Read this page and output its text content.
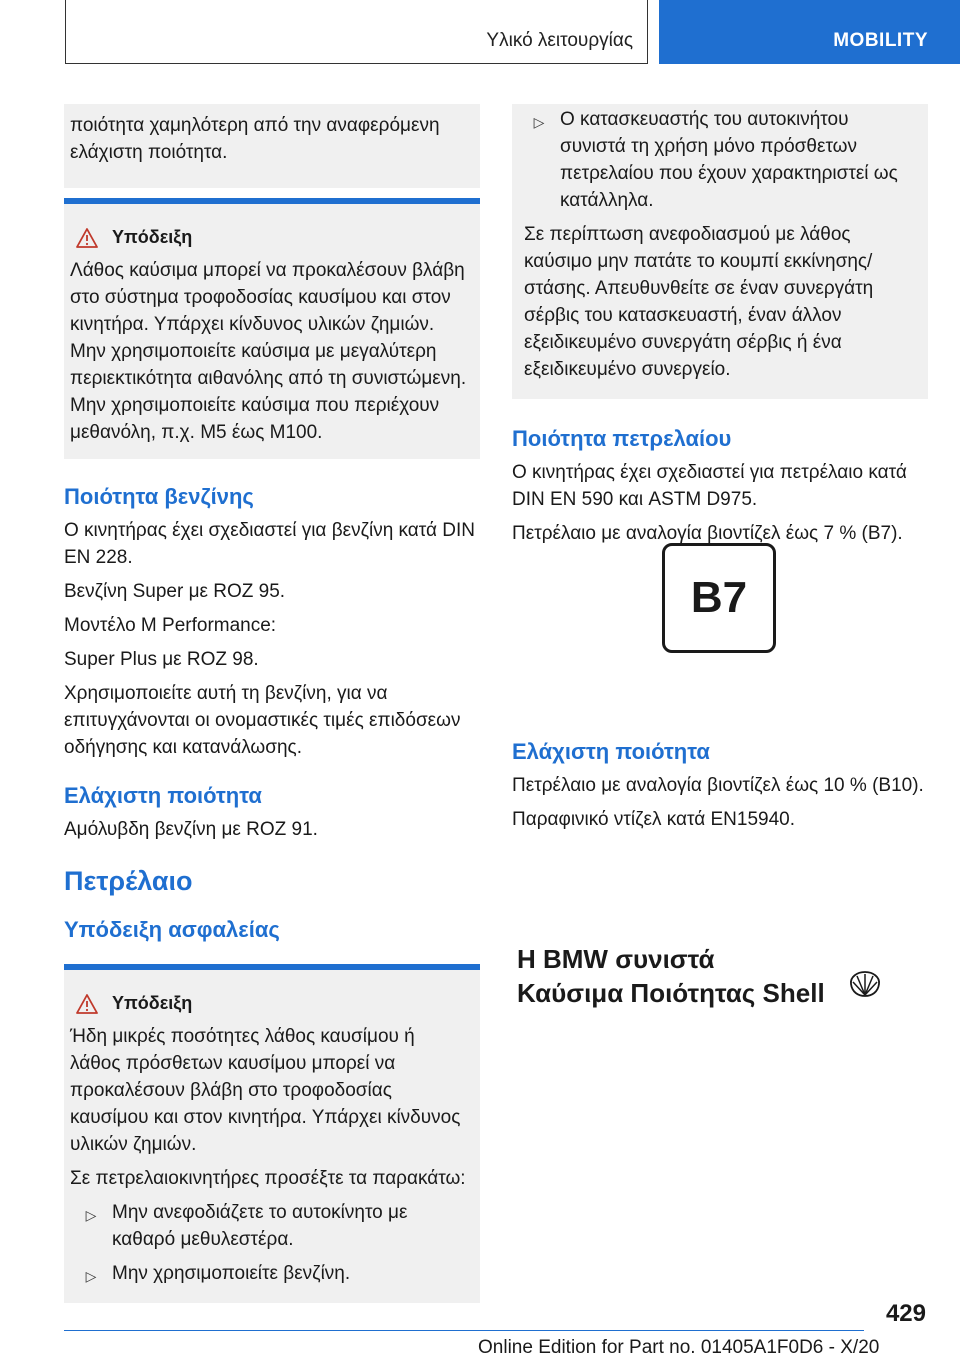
Υλικό λειτουργίας	MOBILITY

ποιότητα χαμηλότερη από την αναφερόμενη ελάχιστη ποιότητα.

Υπόδειξη

Λάθος καύσιμα μπορεί να προκαλέσουν βλάβη στο σύστημα τροφοδοσίας καυσίμου και στον κινητήρα. Υπάρχει κίνδυνος υλικών ζημιών. Μην χρησιμοποιείτε καύσιμα με μεγαλύτερη περιεκτικότητα αιθανόλης από τη συνιστώμενη. Μην χρησιμοποιείτε καύσιμα που περιέχουν μεθανόλη, π.χ. M5 έως M100.

Ποιότητα βενζίνης

Ο κινητήρας έχει σχεδιαστεί για βενζίνη κατά DIN EN 228.

Βενζίνη Super με ROZ 95.

Μοντέλο M Performance:

Super Plus με ROZ 98.

Χρησιμοποιείτε αυτή τη βενζίνη, για να επιτυγχάνονται οι ονομαστικές τιμές επιδόσεων οδήγησης και κατανάλωσης.

Ελάχιστη ποιότητα

Αμόλυβδη βενζίνη με ROZ 91.

Πετρέλαιο
Υπόδειξη ασφαλείας
Υπόδειξη

Ήδη μικρές ποσότητες λάθος καυσίμου ή λάθος πρόσθετων καυσίμου μπορεί να προκαλέσουν βλάβη στο τροφοδοσίας καυσίμου και στον κινητήρα. Υπάρχει κίνδυνος υλικών ζημιών.

Σε πετρελαιοκινητήρες προσέξτε τα παρακάτω:

▷ Μην ανεφοδιάζετε το αυτοκίνητο με καθαρό μεθυλεστέρα.
▷ Μην χρησιμοποιείτε βενζίνη.
▷ Ο κατασκευαστής του αυτοκινήτου συνιστά τη χρήση μόνο πρόσθετων πετρελαίου που έχουν χαρακτηριστεί ως κατάλληλα.

Σε περίπτωση ανεφοδιασμού με λάθος καύσιμο μην πατάτε το κουμπί εκκίνησης/στάσης. Απευθυνθείτε σε έναν συνεργάτη σέρβις του κατασκευαστή, έναν άλλον εξειδικευμένο συνεργάτη σέρβις ή ένα εξειδικευμένο συνεργείο.

Ποιότητα πετρελαίου

Ο κινητήρας έχει σχεδιαστεί για πετρέλαιο κατά DIN EN 590 και ASTM D975.

Πετρέλαιο με αναλογία βιοντίζελ έως 7 % (B7).

B7
Ελάχιστη ποιότητα

Πετρέλαιο με αναλογία βιοντίζελ έως 10 % (B10).

Παραφινικό ντίζελ κατά EN15940.

Η BMW συνιστά
Καύσιμα Ποιότητας Shell
429
Online Edition for Part no. 01405A1F0D6 - X/20
